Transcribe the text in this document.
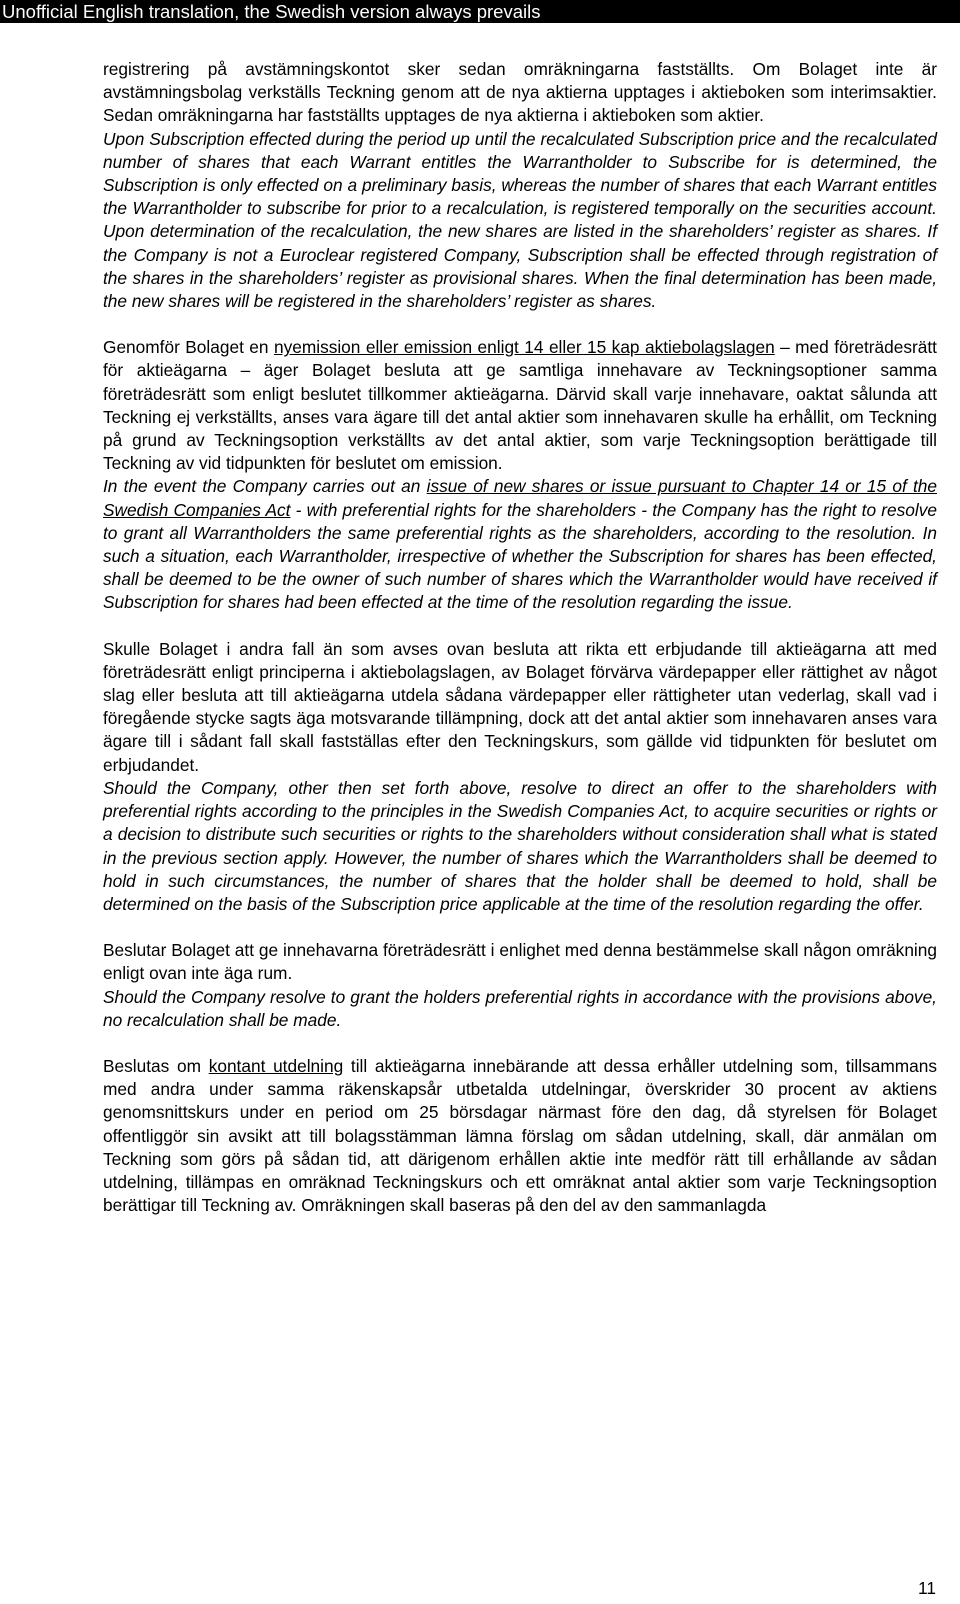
Unofficial English translation, the Swedish version always prevails

registrering på avstämningskontot sker sedan omräkningarna fastställts. Om Bolaget inte är avstämningsbolag verkställs Teckning genom att de nya aktierna upptages i aktieboken som interimsaktier. Sedan omräkningarna har fastställts upptages de nya aktierna i aktieboken som aktier.

Upon Subscription effected during the period up until the recalculated Subscription price and the recalculated number of shares that each Warrant entitles the Warrantholder to Subscribe for is determined, the Subscription is only effected on a preliminary basis, whereas the number of shares that each Warrant entitles the Warrantholder to subscribe for prior to a recalculation, is registered temporally on the securities account. Upon determination of the recalculation, the new shares are listed in the shareholders’ register as shares. If the Company is not a Euroclear registered Company, Subscription shall be effected through registration of the shares in the shareholders’ register as provisional shares. When the final determination has been made, the new shares will be registered in the shareholders’ register as shares.

Genomför Bolaget en nyemission eller emission enligt 14 eller 15 kap aktiebolagslagen – med företrädesrätt för aktieägarna – äger Bolaget besluta att ge samtliga innehavare av Teckningsoptioner samma företrädesrätt som enligt beslutet tillkommer aktieägarna. Därvid skall varje innehavare, oaktat sålunda att Teckning ej verkställts, anses vara ägare till det antal aktier som innehavaren skulle ha erhållit, om Teckning på grund av Teckningsoption verkställts av det antal aktier, som varje Teckningsoption berättigade till Teckning av vid tidpunkten för beslutet om emission.

In the event the Company carries out an issue of new shares or issue pursuant to Chapter 14 or 15 of the Swedish Companies Act - with preferential rights for the shareholders - the Company has the right to resolve to grant all Warrantholders the same preferential rights as the shareholders, according to the resolution. In such a situation, each Warrantholder, irrespective of whether the Subscription for shares has been effected, shall be deemed to be the owner of such number of shares which the Warrantholder would have received if Subscription for shares had been effected at the time of the resolution regarding the issue.

Skulle Bolaget i andra fall än som avses ovan besluta att rikta ett erbjudande till aktieägarna att med företrädesrätt enligt principerna i aktiebolagslagen, av Bolaget förvärva värdepapper eller rättighet av något slag eller besluta att till aktieägarna utdela sådana värdepapper eller rättigheter utan vederlag, skall vad i föregående stycke sagts äga motsvarande tillämpning, dock att det antal aktier som innehavaren anses vara ägare till i sådant fall skall fastställas efter den Teckningskurs, som gällde vid tidpunkten för beslutet om erbjudandet.

Should the Company, other then set forth above, resolve to direct an offer to the shareholders with preferential rights according to the principles in the Swedish Companies Act, to acquire securities or rights or a decision to distribute such securities or rights to the shareholders without consideration shall what is stated in the previous section apply. However, the number of shares which the Warrantholders shall be deemed to hold in such circumstances, the number of shares that the holder shall be deemed to hold, shall be determined on the basis of the Subscription price applicable at the time of the resolution regarding the offer.

Beslutar Bolaget att ge innehavarna företrädesrätt i enlighet med denna bestämmelse skall någon omräkning enligt ovan inte äga rum.

Should the Company resolve to grant the holders preferential rights in accordance with the provisions above, no recalculation shall be made.

Beslutas om kontant utdelning till aktieägarna innebärande att dessa erhåller utdelning som, tillsammans med andra under samma räkenskapsår utbetalda utdelningar, överskrider 30 procent av aktiens genomsnittskurs under en period om 25 börsdagar närmast före den dag, då styrelsen för Bolaget offentliggör sin avsikt att till bolagsstämman lämna förslag om sådan utdelning, skall, där anmälan om Teckning som görs på sådan tid, att därigenom erhållen aktie inte medför rätt till erhållande av sådan utdelning, tillämpas en omräknad Teckningskurs och ett omräknat antal aktier som varje Teckningsoption berättigar till Teckning av. Omräkningen skall baseras på den del av den sammanlagda

11
